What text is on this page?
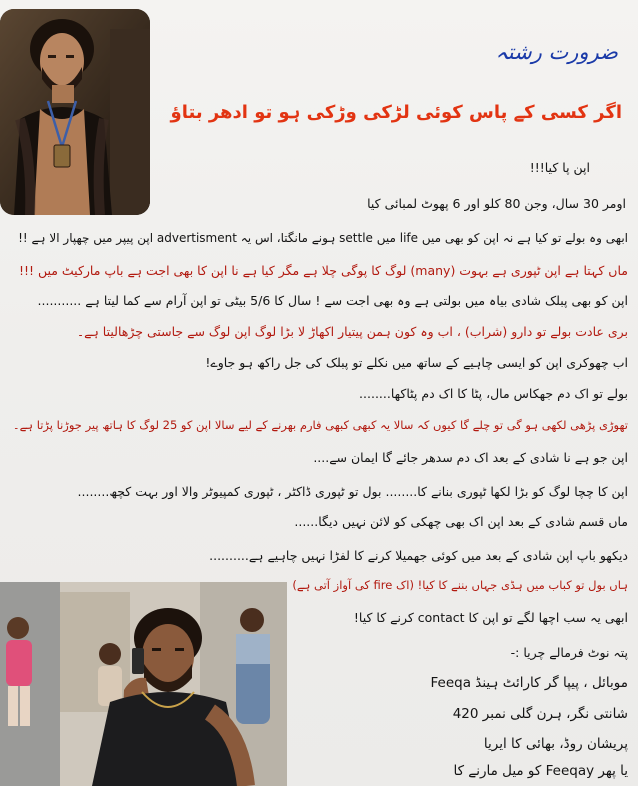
ضرورت رشتہ
اگر کسی کے پاس کوئی لڑکی وڑکی ہو تو ادھر بتاؤ
اپن پا کیا!!!
اومر 30 سال، وجن 80 کلو اور 6 پھوٹ لمبائی کیا
ابھی وہ بولے تو کیا ہے نہ اپن کو بھی میں life میں settle ہونے مانگتا، اس یہ advertisment اپن پیپر میں چھپار الا ہے !!
ماں کہتا ہے اپن ٹپوری ہے بہوت (many) لوگ کا پوگی چلا ہے مگر کیا ہے نا اپن کا بھی اجت ہے باپ مارکیٹ میں !!!
اپن کو بھی پبلک شادی بیاہ میں بولتی ہے وہ بھی اجت سے ! سال کا 5/6 بیٹی تو اپن آرام سے کما لیتا ہے ...........
بری عادت بولے تو دارو (شراب) ، اب وہ کون ہمن پیتیار اکھاڑ لا بڑا لوگ اپن لوگ سے جاستی چڑھالیتا ہے۔
اب چھوکری اپن کو ایسی چاہیے کے ساتھ میں نکلے تو پبلک کی جل راکھ ہو جاوے!
بولے تو اک دم جھکاس مال، پٹا کا اک دم پٹاکھا........
تھوڑی پڑھی لکھی ہو گی تو چلے گا کیوں کہ سالا یہ کبھی کبھی فارم بھرنے کے لیے سالا اپن کو 25 لوگ کا ہاتھ پیر جوڑنا پڑتا ہے۔
اپن جو ہے نا شادی کے بعد اک دم سدھر جائے گا ایمان سے....
اپن کا چچا لوگ کو بڑا لکھا ٹپوری بنانے کا........ بول تو ٹپوری ڈاکٹر ، ٹپوری کمپیوٹر والا اور بہت کچھ........
ماں قسم شادی کے بعد اپن اک بھی چھکی کو لائن نہیں دیگا......
دیکھو باپ اپن شادی کے بعد میں کوئی جھمیلا کرنے کا لفڑا نہیں چاہیے ہے..........
ہاں بول تو کباب میں ہڈی جہاں بننے کا کیا! (اک fire کی آواز آتی ہے)
ابھی یہ سب اچھا لگے تو اپن کا contact کرنے کا کیا!
پتہ نوٹ فرمالے چریا :-
Feeqa موبائل ، پیپا گر کارائٹ ہینڈ
شانتی نگر، ہرن گلی نمبر 420
پریشان روڈ، بھائی کا ایریا
یا پھر Feeqay کو میل مارنے کا
